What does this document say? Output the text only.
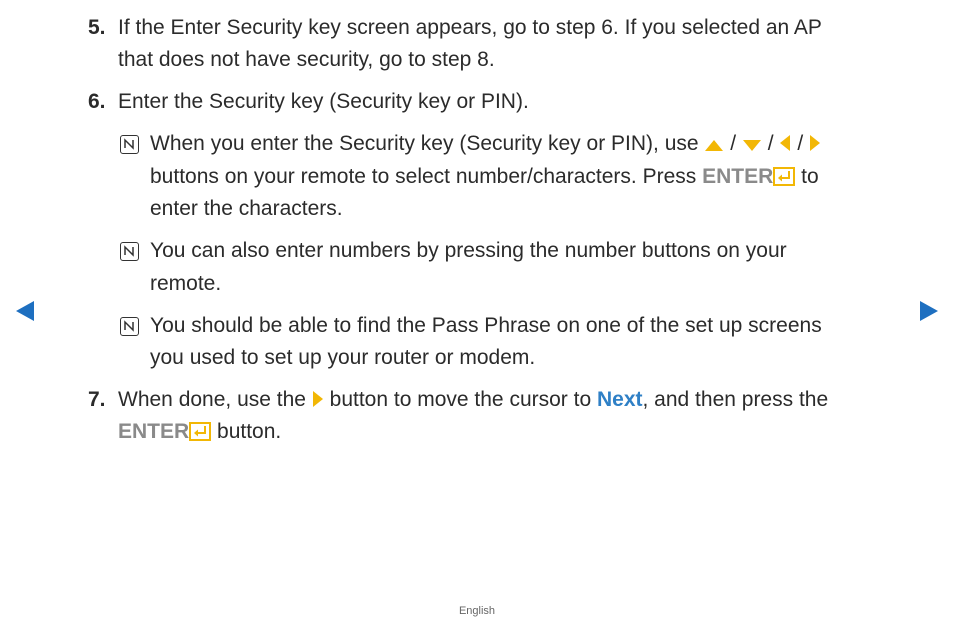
5. If the Enter Security key screen appears, go to step 6. If you selected an AP
that does not have security, go to step 8.
6. Enter the Security key (Security key or PIN).
When you enter the Security key (Security key or PIN), use / / /
buttons on your remote to select number/characters. Press ENTER to
enter the characters.
You can also enter numbers by pressing the number buttons on your
remote.
You should be able to find the Pass Phrase on one of the set up screens
you used to set up your router or modem.
7. When done, use the button to move the cursor to Next, and then press the
ENTER button.
English
